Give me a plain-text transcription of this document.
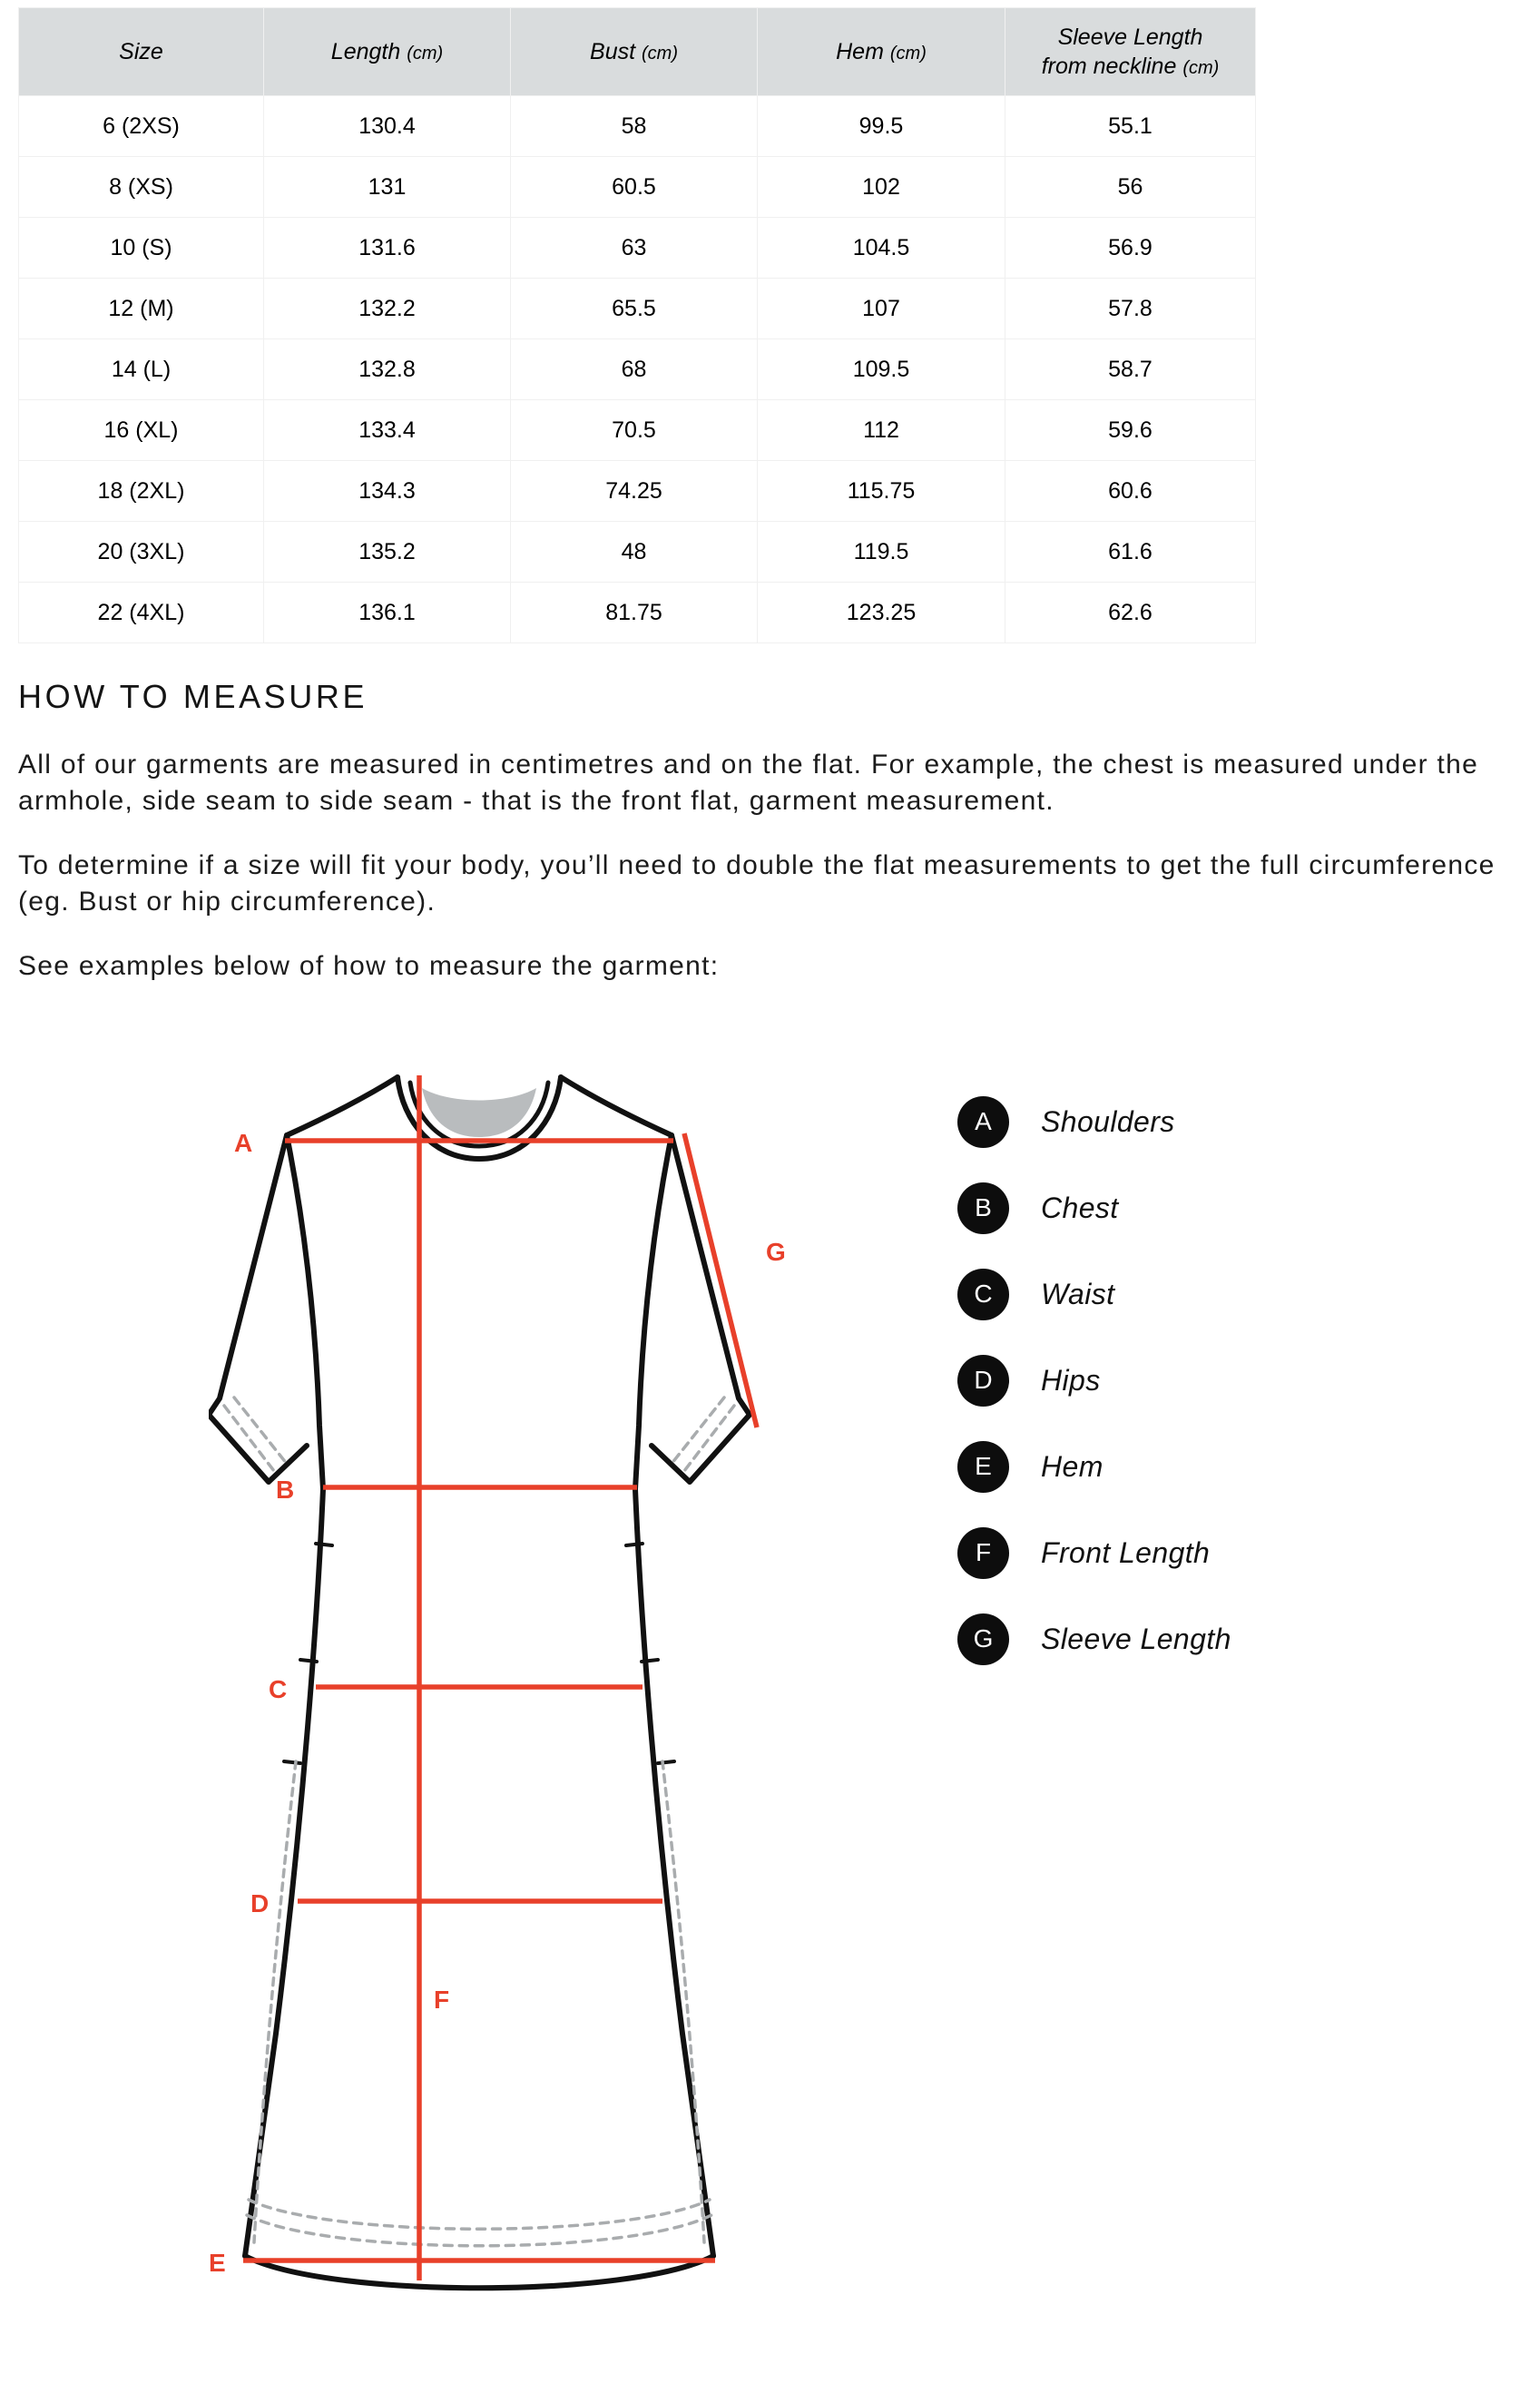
Size	Length (cm)	Bust (cm)	Hem (cm)	Sleeve Length
from neckline (cm)
6 (2XS)	130.4	58	99.5	55.1
8 (XS)	131	60.5	102	56
10 (S)	131.6	63	104.5	56.9
12 (M)	132.2	65.5	107	57.8
14 (L)	132.8	68	109.5	58.7
16 (XL)	133.4	70.5	112	59.6
18 (2XL)	134.3	74.25	115.75	60.6
20 (3XL)	135.2	48	119.5	61.6
22 (4XL)	136.1	81.75	123.25	62.6
HOW TO MEASURE

All of our garments are measured in centimetres and on the flat. For example, the chest is measured under the armhole, side seam to side seam - that is the front flat, garment measurement.

To determine if a size will fit your body, you’ll need to double the flat measurements to get the full circumference (eg. Bust or hip circumference).

See examples below of how to measure the garment:

A
B
C
D
E
F
G
A	Shoulders
B	Chest
C	Waist
D	Hips
E	Hem
F	Front Length
G	Sleeve Length
